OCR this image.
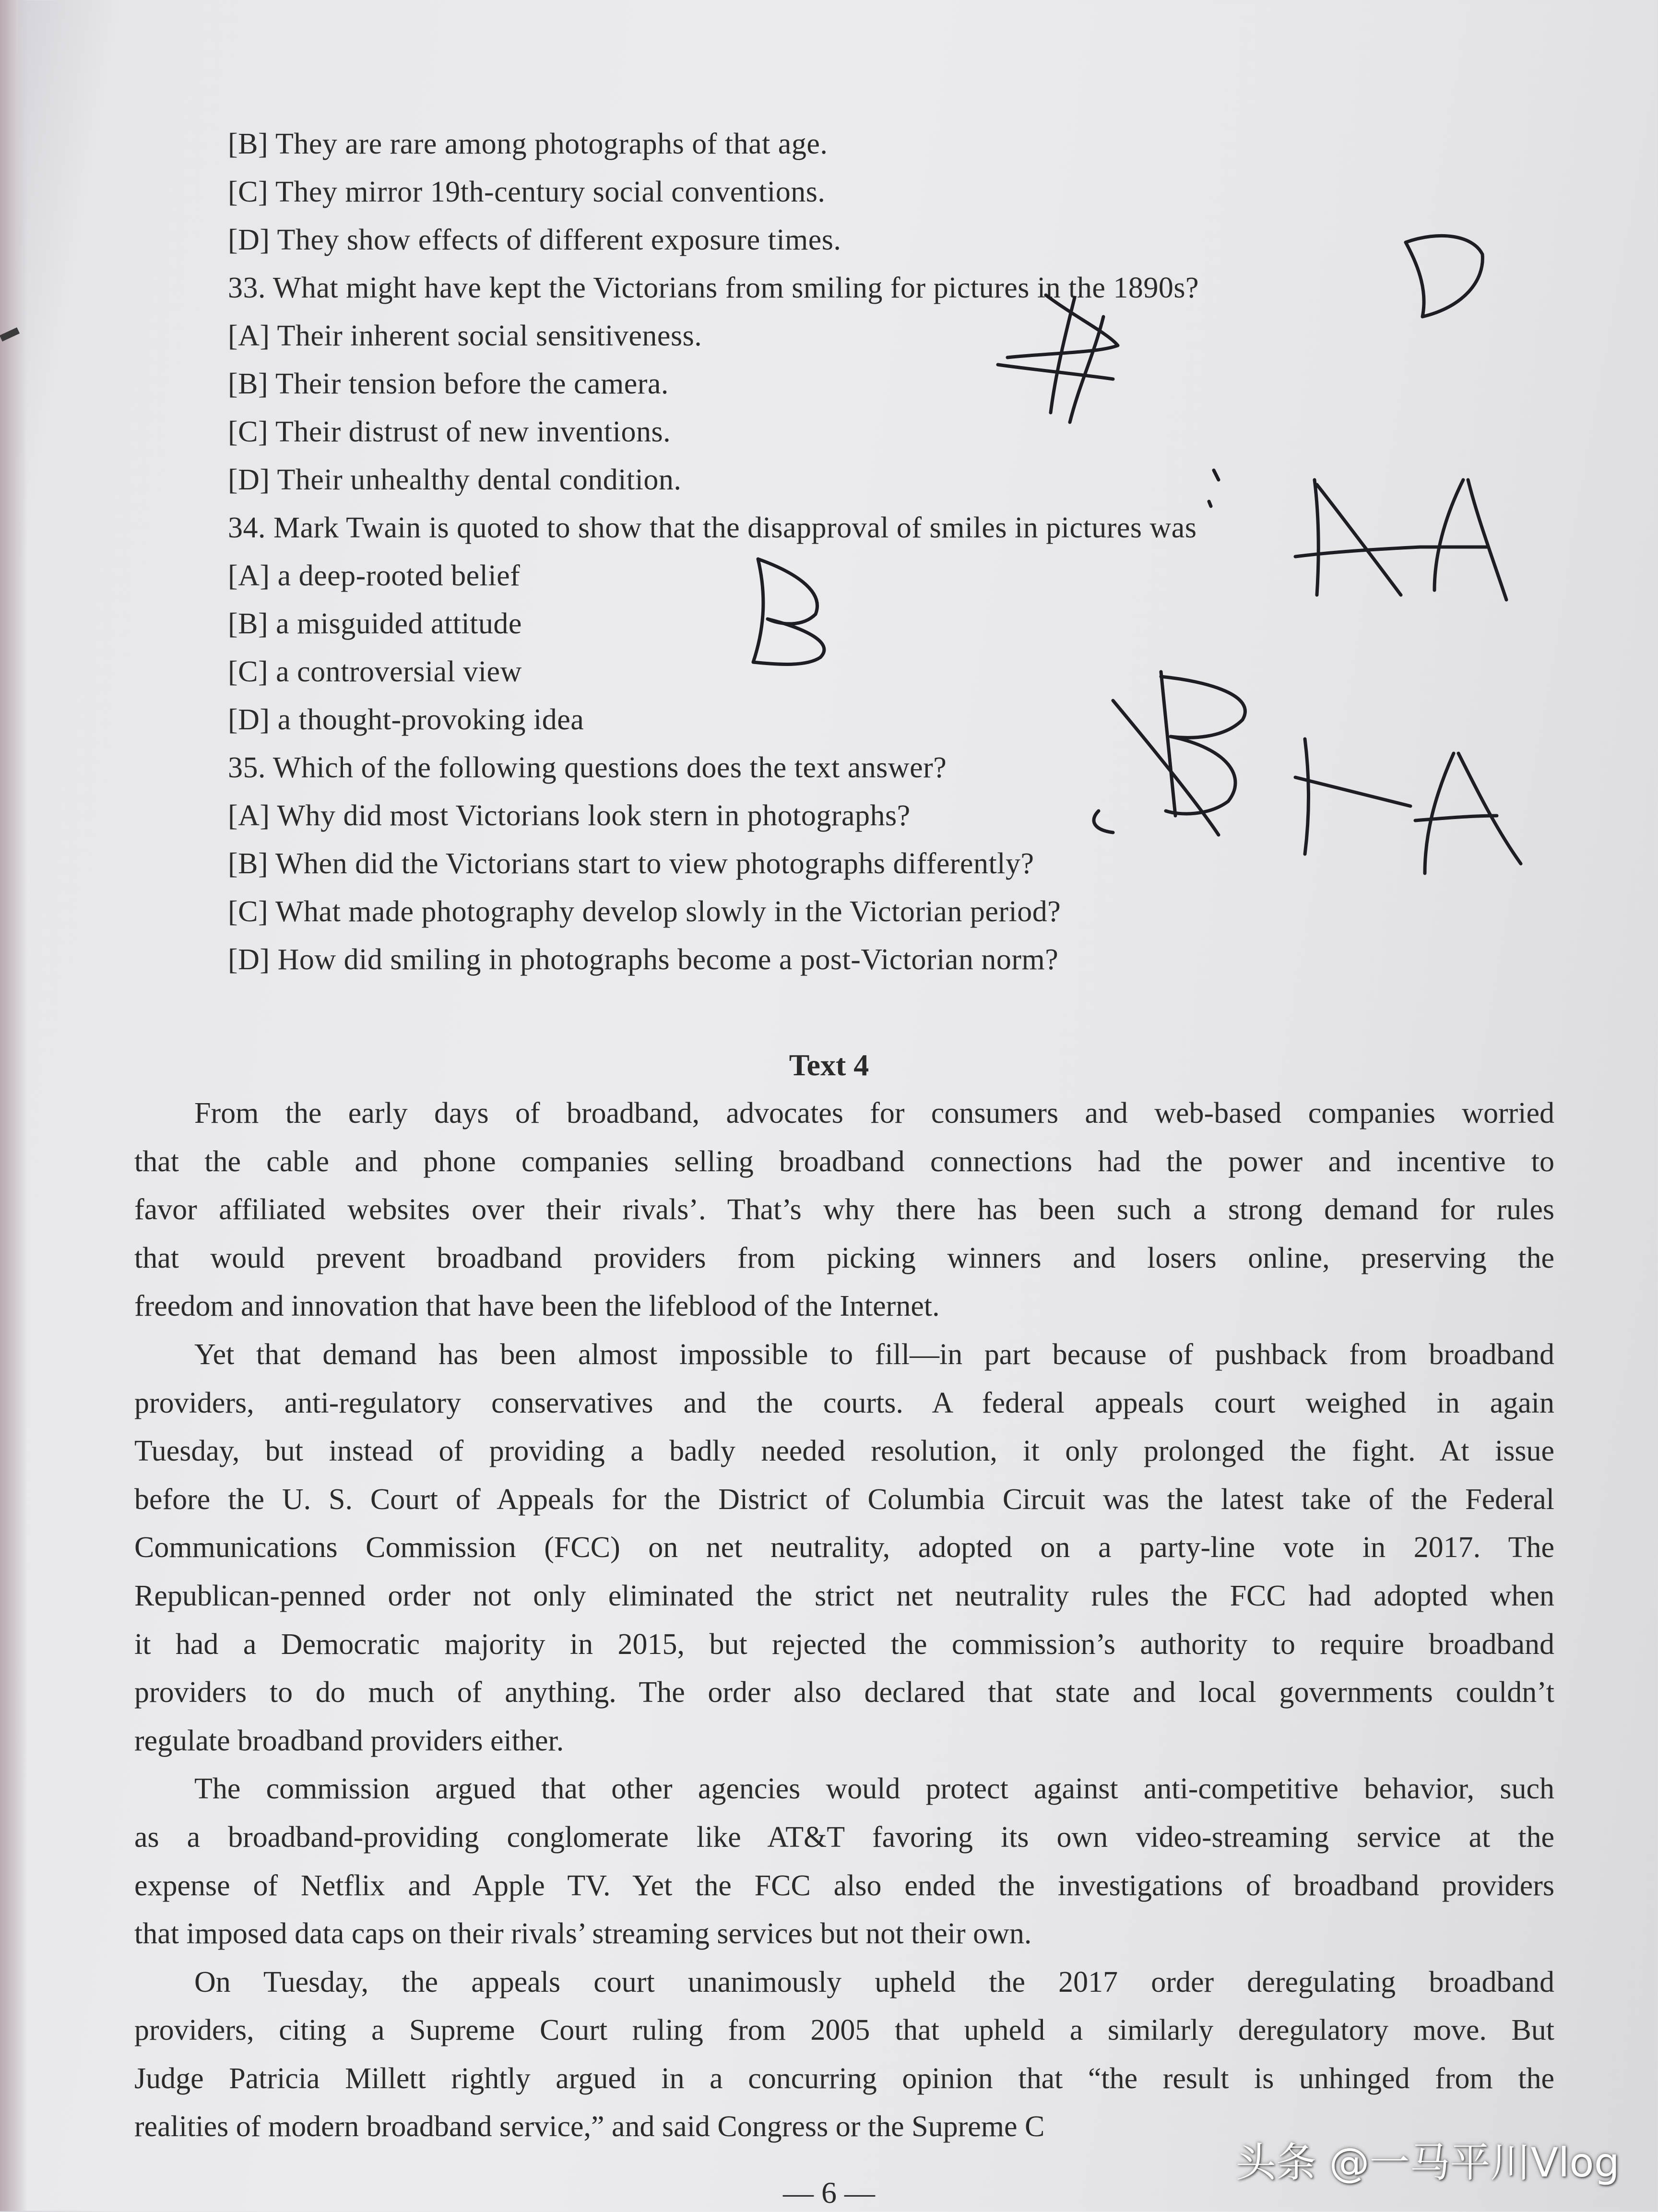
[B] They are rare among photographs of that age.
[C] They mirror 19th-century social conventions.
[D] They show effects of different exposure times.
33. What might have kept the Victorians from smiling for pictures in the 1890s?
[A] Their inherent social sensitiveness.
[B] Their tension before the camera.
[C] Their distrust of new inventions.
[D] Their unhealthy dental condition.
34. Mark Twain is quoted to show that the disapproval of smiles in pictures was
[A] a deep-rooted belief
[B] a misguided attitude
[C] a controversial view
[D] a thought-provoking idea
35. Which of the following questions does the text answer?
[A] Why did most Victorians look stern in photographs?
[B] When did the Victorians start to view photographs differently?
[C] What made photography develop slowly in the Victorian period?
[D] How did smiling in photographs become a post-Victorian norm?
Text 4
From the early days of broadband, advocates for consumers and web-based companies worried
that the cable and phone companies selling broadband connections had the power and incentive to
favor affiliated websites over their rivals’. That’s why there has been such a strong demand for rules
that would prevent broadband providers from picking winners and losers online, preserving the
freedom and innovation that have been the lifeblood of the Internet.
Yet that demand has been almost impossible to fill—in part because of pushback from broadband
providers, anti-regulatory conservatives and the courts. A federal appeals court weighed in again
Tuesday, but instead of providing a badly needed resolution, it only prolonged the fight. At issue
before the U. S. Court of Appeals for the District of Columbia Circuit was the latest take of the Federal
Communications Commission (FCC) on net neutrality, adopted on a party-line vote in 2017. The
Republican-penned order not only eliminated the strict net neutrality rules the FCC had adopted when
it had a Democratic majority in 2015, but rejected the commission’s authority to require broadband
providers to do much of anything. The order also declared that state and local governments couldn’t
regulate broadband providers either.
The commission argued that other agencies would protect against anti-competitive behavior, such
as a broadband-providing conglomerate like AT&T favoring its own video-streaming service at the
expense of Netflix and Apple TV. Yet the FCC also ended the investigations of broadband providers
that imposed data caps on their rivals’ streaming services but not their own.
On Tuesday, the appeals court unanimously upheld the 2017 order deregulating broadband
providers, citing a Supreme Court ruling from 2005 that upheld a similarly deregulatory move. But
Judge Patricia Millett rightly argued in a concurring opinion that “the result is unhinged from the
realities of modern broadband service,” and said Congress or the Supreme C
— 6 —
头条 @一马平川Vlog
